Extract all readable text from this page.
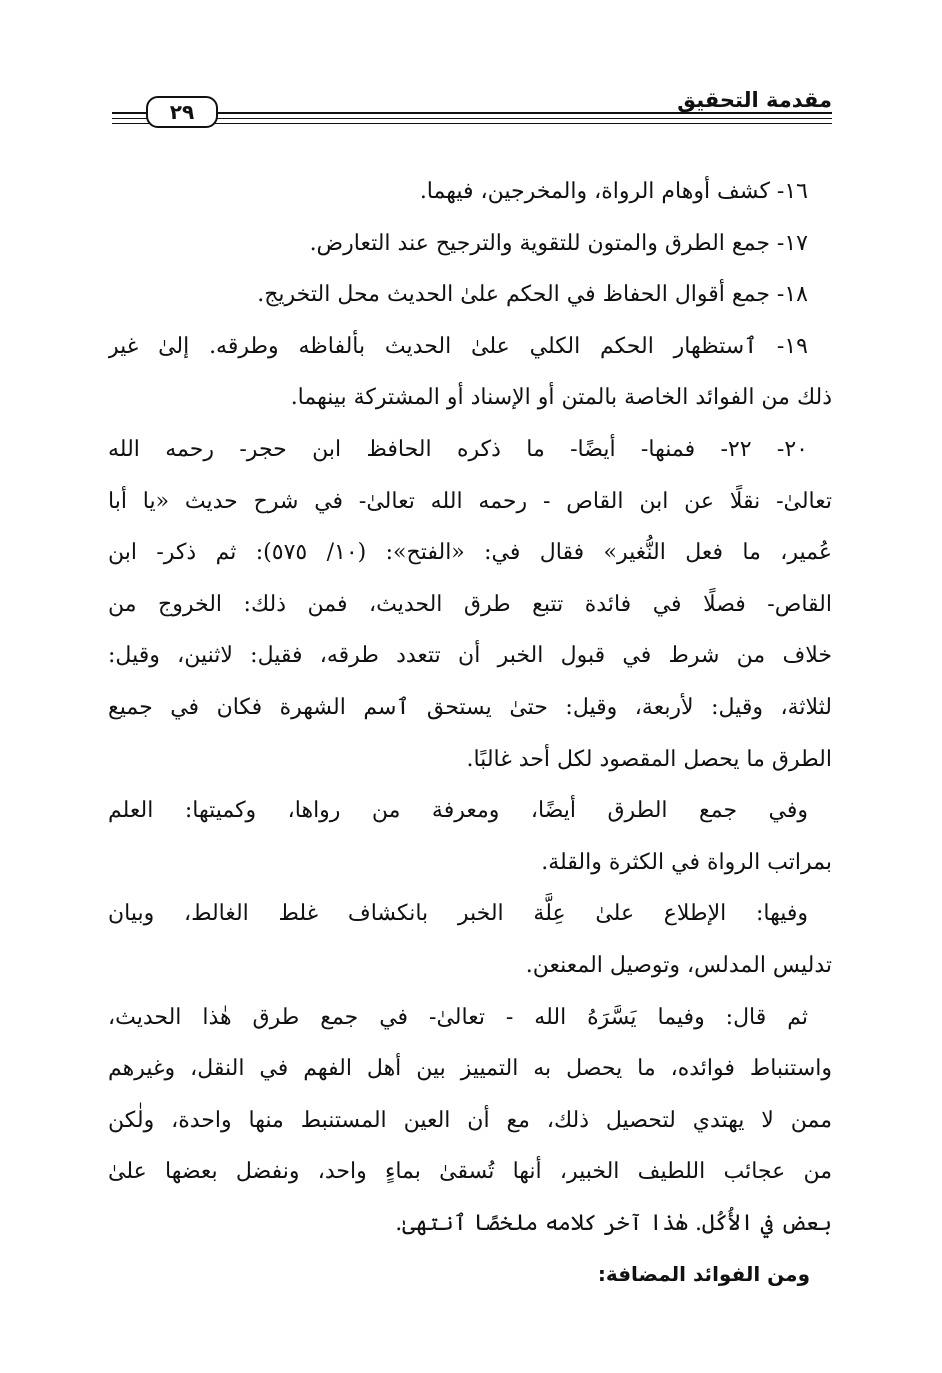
مقدمة التحقيق
٢٩
١٦- كشف أوهام الرواة، والمخرجين، فيهما.
١٧- جمع الطرق والمتون للتقوية والترجيح عند التعارض.
١٨- جمع أقوال الحفاظ في الحكم علىٰ الحديث محل التخريج.
١٩- ٱستظهار الحكم الكلي علىٰ الحديث بألفاظه وطرقه. إلىٰ غير
ذلك من الفوائد الخاصة بالمتن أو الإسناد أو المشتركة بينهما.
٢٠- ٢٢- فمنها- أيضًا- ما ذكره الحافظ ابن حجر- رحمه الله
تعالىٰ- نقلًا عن ابن القاص - رحمه الله تعالىٰ- في شرح حديث «يا أبا
عُمير، ما فعل النُّغير» فقال في: «الفتح»: (١٠/ ٥٧٥): ثم ذكر- ابن
القاص- فصلًا في فائدة تتبع طرق الحديث، فمن ذلك: الخروج من
خلاف من شرط في قبول الخبر أن تتعدد طرقه، فقيل: لاثنين، وقيل:
لثلاثة، وقيل: لأربعة، وقيل: حتىٰ يستحق ٱسم الشهرة فكان في جميع
الطرق ما يحصل المقصود لكل أحد غالبًا.
وفي جمع الطرق أيضًا، ومعرفة من رواها، وكميتها: العلم
بمراتب الرواة في الكثرة والقلة.
وفيها: الإطلاع علىٰ عِلَّة الخبر بانكشاف غلط الغالط، وبيان
تدليس المدلس، وتوصيل المعنعن.
ثم قال: وفيما يَسَّرَهُ الله - تعالىٰ- في جمع طرق هٰذا الحديث،
واستنباط فوائده، ما يحصل به التمييز بين أهل الفهم في النقل، وغيرهم
ممن لا يهتدي لتحصيل ذلك، مع أن العين المستنبط منها واحدة، ولٰكن
من عجائب اللطيف الخبير، أنها تُسقىٰ بماءٍ واحد، ونفضل بعضها علىٰ
بعض في الأُكُل. هٰذا آخر كلامه ملخصًا ٱنتهىٰ.
ومن الفوائد المضافة:
